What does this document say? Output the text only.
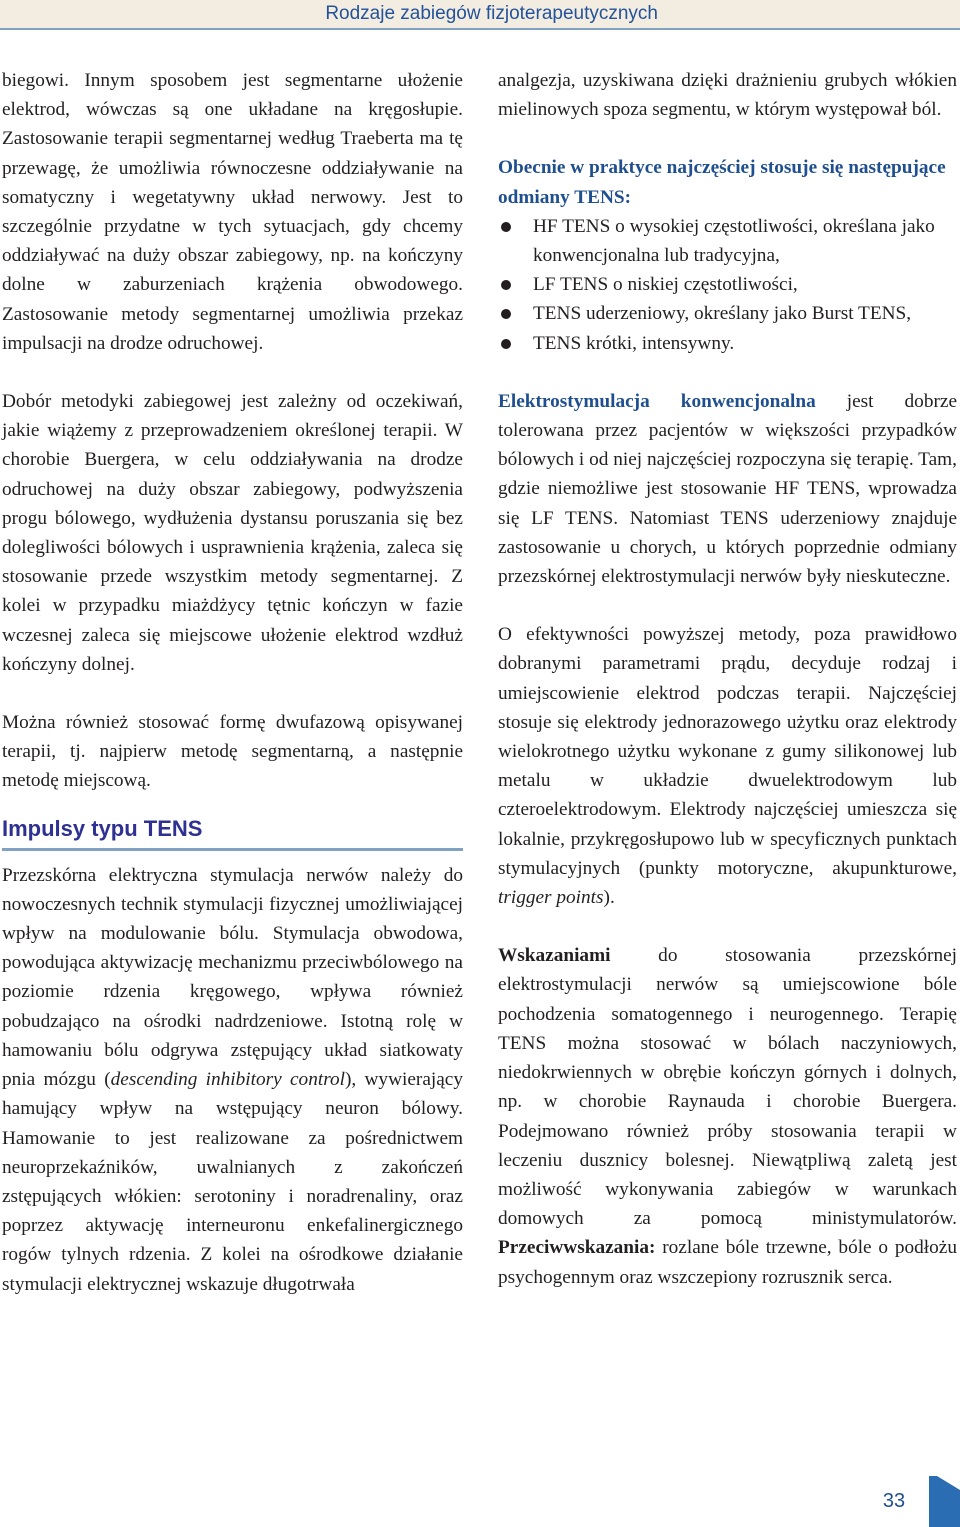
Rodzaje zabiegów fizjoterapeutycznych

biegowi. Innym sposobem jest segmentarne ułożenie elektrod, wówczas są one układane na kręgosłupie. Zastosowanie terapii segmentarnej według Traeberta ma tę przewagę, że umożliwia równoczesne oddziaływanie na somatyczny i wegetatywny układ nerwowy. Jest to szczególnie przydatne w tych sytuacjach, gdy chcemy oddziaływać na duży obszar zabiegowy, np. na kończyny dolne w zaburzeniach krążenia obwodowego. Zastosowanie metody segmentarnej umożliwia przekaz impulsacji na drodze odruchowej.

Dobór metodyki zabiegowej jest zależny od oczekiwań, jakie wiążemy z przeprowadzeniem określonej terapii. W chorobie Buergera, w celu oddziaływania na drodze odruchowej na duży obszar zabiegowy, podwyższenia progu bólowego, wydłużenia dystansu poruszania się bez dolegliwości bólowych i usprawnienia krążenia, zaleca się stosowanie przede wszystkim metody segmentarnej. Z kolei w przypadku miażdżycy tętnic kończyn w fazie wczesnej zaleca się miejscowe ułożenie elektrod wzdłuż kończyny dolnej.

Można również stosować formę dwufazową opisywanej terapii, tj. najpierw metodę segmentarną, a następnie metodę miejscową.

Impulsy typu TENS

Przezskórna elektryczna stymulacja nerwów należy do nowoczesnych technik stymulacji fizycznej umożliwiającej wpływ na modulowanie bólu. Stymulacja obwodowa, powodująca aktywizację mechanizmu przeciwbólowego na poziomie rdzenia kręgowego, wpływa również pobudzająco na ośrodki nadrdzeniowe. Istotną rolę w hamowaniu bólu odgrywa zstępujący układ siatkowaty pnia mózgu (descending inhibitory control), wywierający hamujący wpływ na wstępujący neuron bólowy. Hamowanie to jest realizowane za pośrednictwem neuroprzekaźników, uwalnianych z zakończeń zstępujących włókien: serotoniny i noradrenaliny, oraz poprzez aktywację interneuronu enkefalinergicznego rogów tylnych rdzenia. Z kolei na ośrodkowe działanie stymulacji elektrycznej wskazuje długotrwała

analgezja, uzyskiwana dzięki drażnieniu grubych włókien mielinowych spoza segmentu, w którym występował ból.

Obecnie w praktyce najczęściej stosuje się następujące odmiany TENS:

HF TENS o wysokiej częstotliwości, określana jako konwencjonalna lub tradycyjna,
LF TENS o niskiej częstotliwości,
TENS uderzeniowy, określany jako Burst TENS,
TENS krótki, intensywny.

Elektrostymulacja konwencjonalna jest dobrze tolerowana przez pacjentów w większości przypadków bólowych i od niej najczęściej rozpoczyna się terapię. Tam, gdzie niemożliwe jest stosowanie HF TENS, wprowadza się LF TENS. Natomiast TENS uderzeniowy znajduje zastosowanie u chorych, u których poprzednie odmiany przezskórnej elektrostymulacji nerwów były nieskuteczne.

O efektywności powyższej metody, poza prawidłowo dobranymi parametrami prądu, decyduje rodzaj i umiejscowienie elektrod podczas terapii. Najczęściej stosuje się elektrody jednorazowego użytku oraz elektrody wielokrotnego użytku wykonane z gumy silikonowej lub metalu w układzie dwuelektrodowym lub czteroelektrodowym. Elektrody najczęściej umieszcza się lokalnie, przykręgosłupowo lub w specyficznych punktach stymulacyjnych (punkty motoryczne, akupunkturowe, trigger points).

Wskazaniami do stosowania przezskórnej elektrostymulacji nerwów są umiejscowione bóle pochodzenia somatogennego i neurogennego. Terapię TENS można stosować w bólach naczyniowych, niedokrwiennych w obrębie kończyn górnych i dolnych, np. w chorobie Raynauda i chorobie Buergera. Podejmowano również próby stosowania terapii w leczeniu dusznicy bolesnej. Niewątpliwą zaletą jest możliwość wykonywania zabiegów w warunkach domowych za pomocą ministymulatorów. Przeciwwskazania: rozlane bóle trzewne, bóle o podłożu psychogennym oraz wszczepiony rozrusznik serca.

33
